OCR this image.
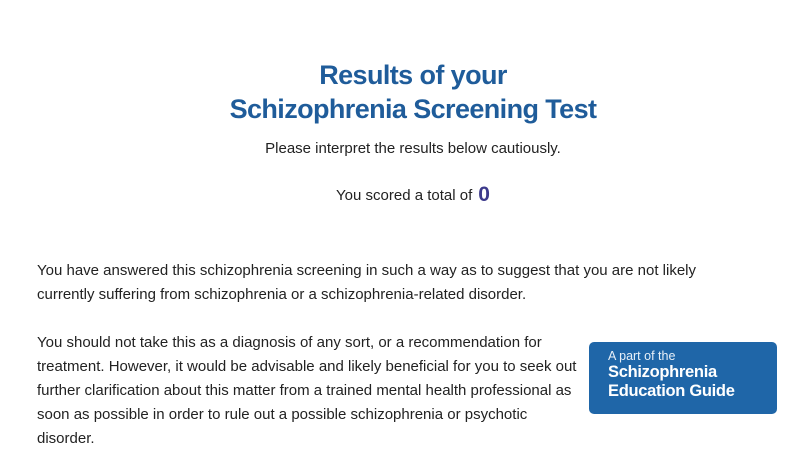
Results of your
Schizophrenia Screening Test
Please interpret the results below cautiously.
You scored a total of 0

You have answered this schizophrenia screening in such a way as to suggest that you are not likely currently suffering from schizophrenia or a schizophrenia-related disorder.

You should not take this as a diagnosis of any sort, or a recommendation for treatment. However, it would be advisable and likely beneficial for you to seek out further clarification about this matter from a trained mental health professional as soon as possible in order to rule out a possible schizophrenia or psychotic disorder.

A part of the
Schizophrenia
Education Guide
